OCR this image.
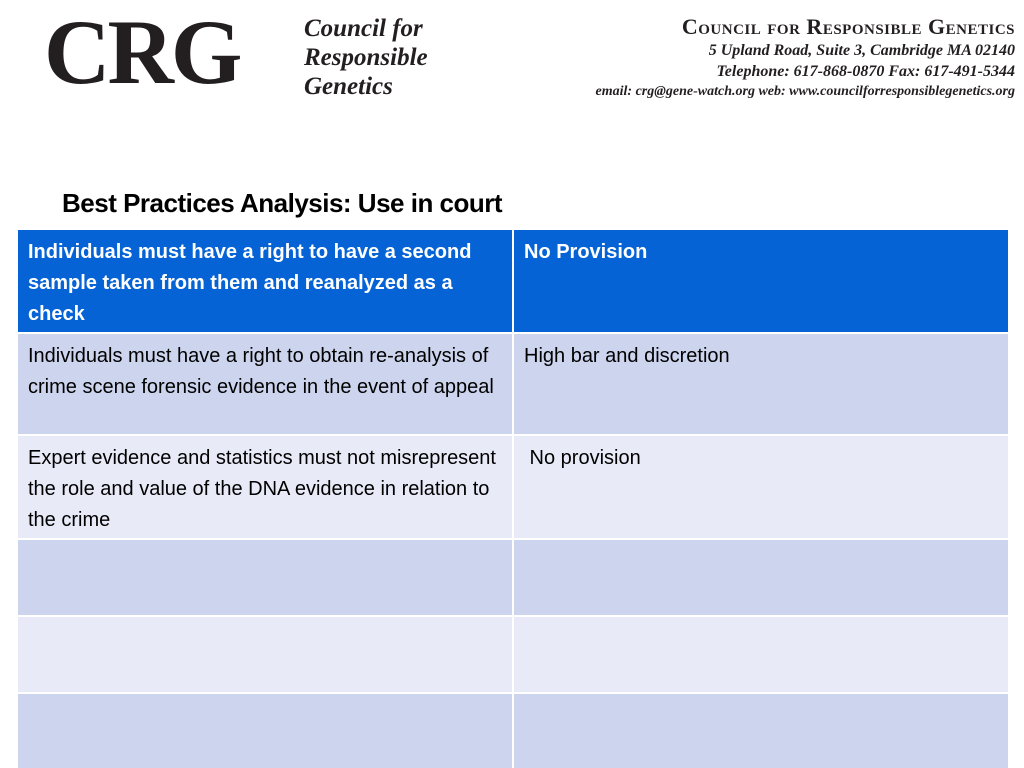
CRG	Council for
Responsible
Genetics
Council for Responsible Genetics
5 Upland Road, Suite 3, Cambridge MA 02140
Telephone: 617-868-0870 Fax: 617-491-5344
email: crg@gene-watch.org web: www.councilforresponsiblegenetics.org
Best Practices Analysis: Use in court
Individuals must have a right to have a second sample taken from them and reanalyzed as a check	No Provision
Individuals must have a right to obtain re-analysis of crime scene forensic evidence in the event of appeal	High bar and discretion
Expert evidence and statistics must not misrepresent the role and value of the DNA evidence in relation to the crime	No provision
